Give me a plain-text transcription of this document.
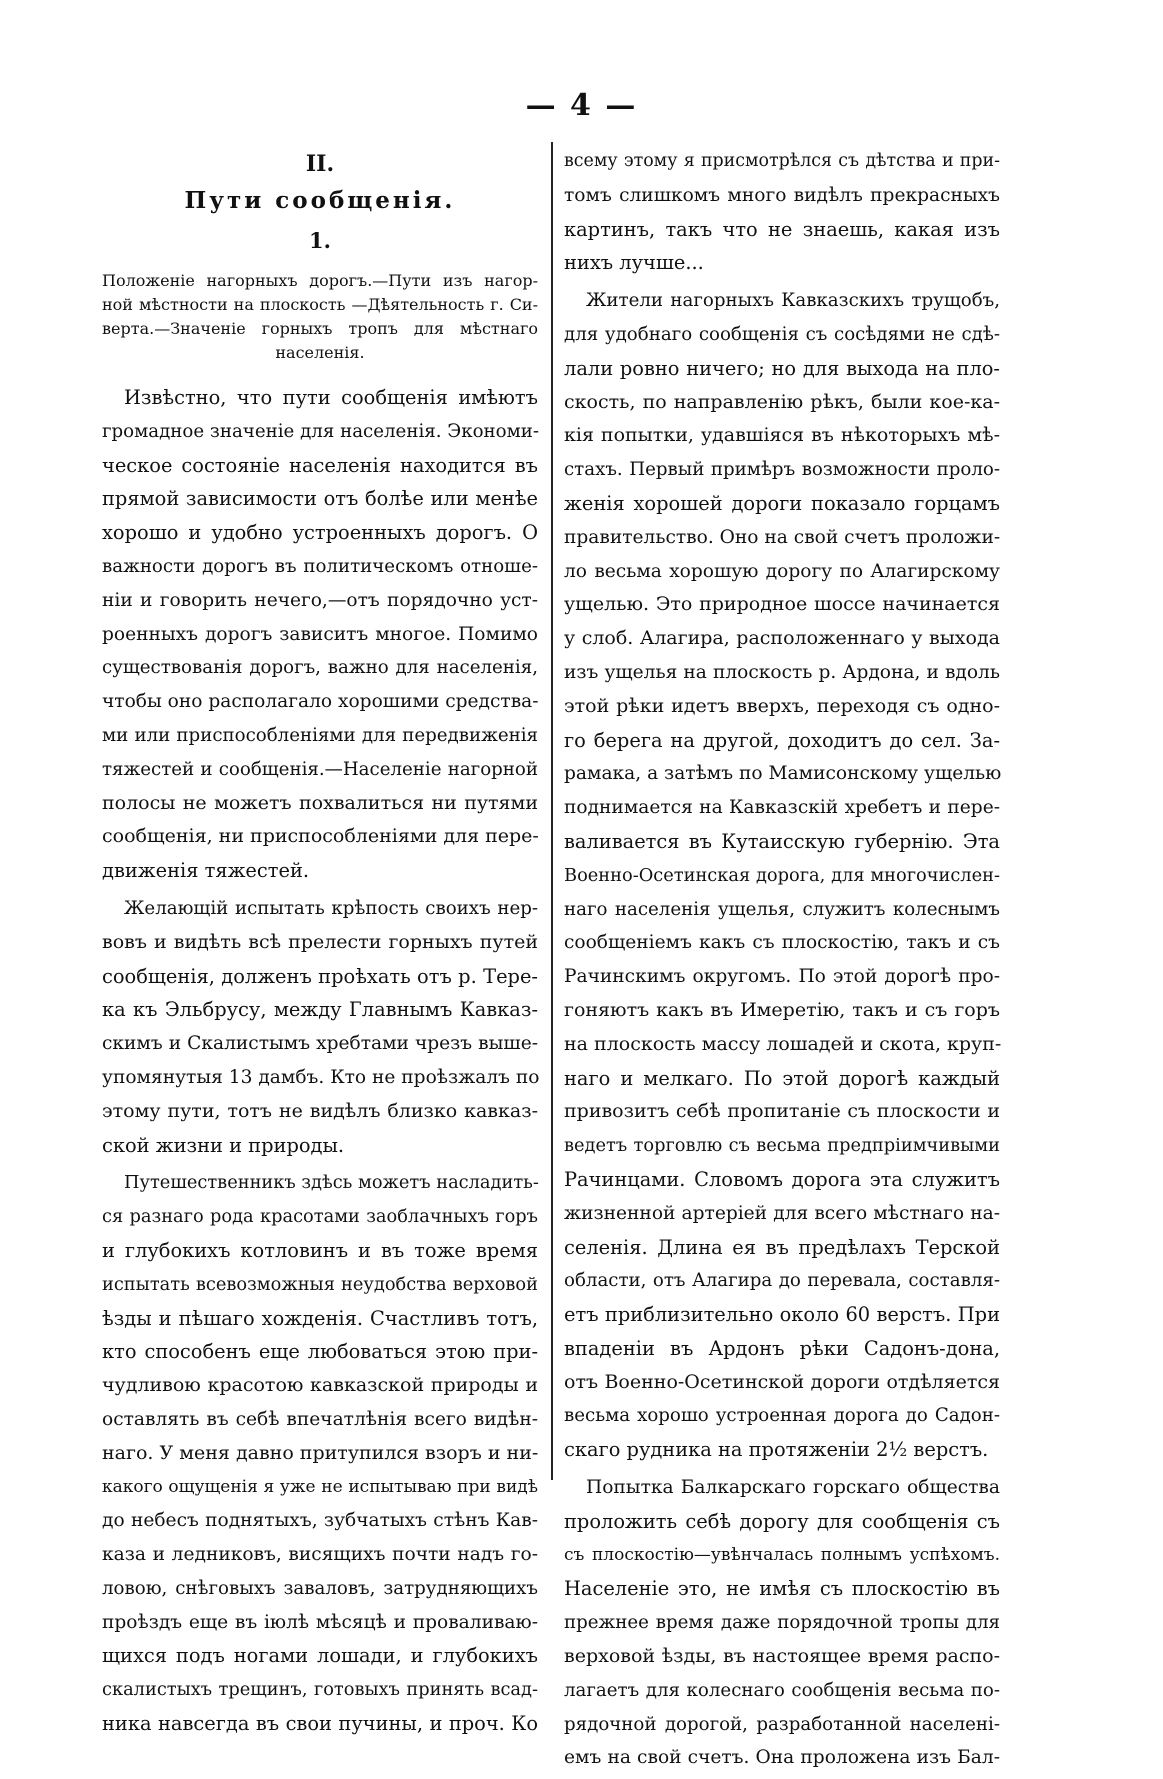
— 4 —
II.
Пути сообщенія.
1.
Положеніе нагорныхъ дорогъ.—Пути изъ нагор-
ной мѣстности на плоскость —Дѣятельность г. Си-
верта.—Значеніе горныхъ тропъ для мѣстнаго
населенія.
Извѣстно, что пути сообщенія имѣютъ
громадное значеніе для населенія. Экономи-
ческое состояніе населенія находится въ
прямой зависимости отъ болѣе или менѣе
хорошо и удобно устроенныхъ дорогъ. О
важности дорогъ въ политическомъ отноше-
ніи и говорить нечего,—отъ порядочно уст-
роенныхъ дорогъ зависитъ многое. Помимо
существованія дорогъ, важно для населенія,
чтобы оно располагало хорошими средства-
ми или приспособленіями для передвиженія
тяжестей и сообщенія.—Населеніе нагорной
полосы не можетъ похвалиться ни путями
сообщенія, ни приспособленіями для пере-
движенія тяжестей.
Желающій испытать крѣпость своихъ нер-
вовъ и видѣть всѣ прелести горныхъ путей
сообщенія, долженъ проѣхать отъ р. Тере-
ка къ Эльбрусу, между Главнымъ Кавказ-
скимъ и Скалистымъ хребтами чрезъ выше-
упомянутыя 13 дамбъ. Кто не проѣзжалъ по
этому пути, тотъ не видѣлъ близко кавказ-
ской жизни и природы.
Путешественникъ здѣсь можетъ насладить-
ся разнаго рода красотами заоблачныхъ горъ
и глубокихъ котловинъ и въ тоже время
испытать всевозможныя неудобства верховой
ѣзды и пѣшаго хожденія. Счастливъ тотъ,
кто способенъ еще любоваться этою при-
чудливою красотою кавказской природы и
оставлять въ себѣ впечатлѣнія всего видѣн-
наго. У меня давно притупился взоръ и ни-
какого ощущенія я уже не испытываю при видѣ
до небесъ поднятыхъ, зубчатыхъ стѣнъ Кав-
каза и ледниковъ, висящихъ почти надъ го-
ловою, снѣговыхъ заваловъ, затрудняющихъ
проѣздъ еще въ іюлѣ мѣсяцѣ и проваливаю-
щихся подъ ногами лошади, и глубокихъ
скалистыхъ трещинъ, готовыхъ принять всад-
ника навсегда въ свои пучины, и проч. Ко
всему этому я присмотрѣлся съ дѣтства и при-
томъ слишкомъ много видѣлъ прекрасныхъ
картинъ, такъ что не знаешь, какая изъ
нихъ лучше...
Жители нагорныхъ Кавказскихъ трущобъ,
для удобнаго сообщенія съ сосѣдями не сдѣ-
лали ровно ничего; но для выхода на пло-
скость, по направленію рѣкъ, были кое-ка-
кія попытки, удавшіяся въ нѣкоторыхъ мѣ-
стахъ. Первый примѣръ возможности проло-
женія хорошей дороги показало горцамъ
правительство. Оно на свой счетъ проложи-
ло весьма хорошую дорогу по Алагирскому
ущелью. Это природное шоссе начинается
у слоб. Алагира, расположеннаго у выхода
изъ ущелья на плоскость р. Ардона, и вдоль
этой рѣки идетъ вверхъ, переходя съ одно-
го берега на другой, доходитъ до сел. За-
рамака, а затѣмъ по Мамисонскому ущелью
поднимается на Кавказскій хребетъ и пере-
валивается въ Кутаисскую губернію. Эта
Военно-Осетинская дорога, для многочислен-
наго населенія ущелья, служитъ колеснымъ
сообщеніемъ какъ съ плоскостію, такъ и съ
Рачинскимъ округомъ. По этой дорогѣ про-
гоняютъ какъ въ Имеретію, такъ и съ горъ
на плоскость массу лошадей и скота, круп-
наго и мелкаго. По этой дорогѣ каждый
привозитъ себѣ пропитаніе съ плоскости и
ведетъ торговлю съ весьма предпріимчивыми
Рачинцами. Словомъ дорога эта служитъ
жизненной артеріей для всего мѣстнаго на-
селенія. Длина ея въ предѣлахъ Терской
области, отъ Алагира до перевала, составля-
етъ приблизительно около 60 верстъ. При
впаденіи въ Ардонъ рѣки Садонъ-дона,
отъ Военно-Осетинской дороги отдѣляется
весьма хорошо устроенная дорога до Садон-
скаго рудника на протяженіи 2½ верстъ.
Попытка Балкарскаго горскаго общества
проложить себѣ дорогу для сообщенія съ
съ плоскостію—увѣнчалась полнымъ успѣхомъ.
Населеніе это, не имѣя съ плоскостію въ
прежнее время даже порядочной тропы для
верховой ѣзды, въ настоящее время распо-
лагаетъ для колеснаго сообщенія весьма по-
рядочной дорогой, разработанной населені-
емъ на свой счетъ. Она проложена изъ Бал-
